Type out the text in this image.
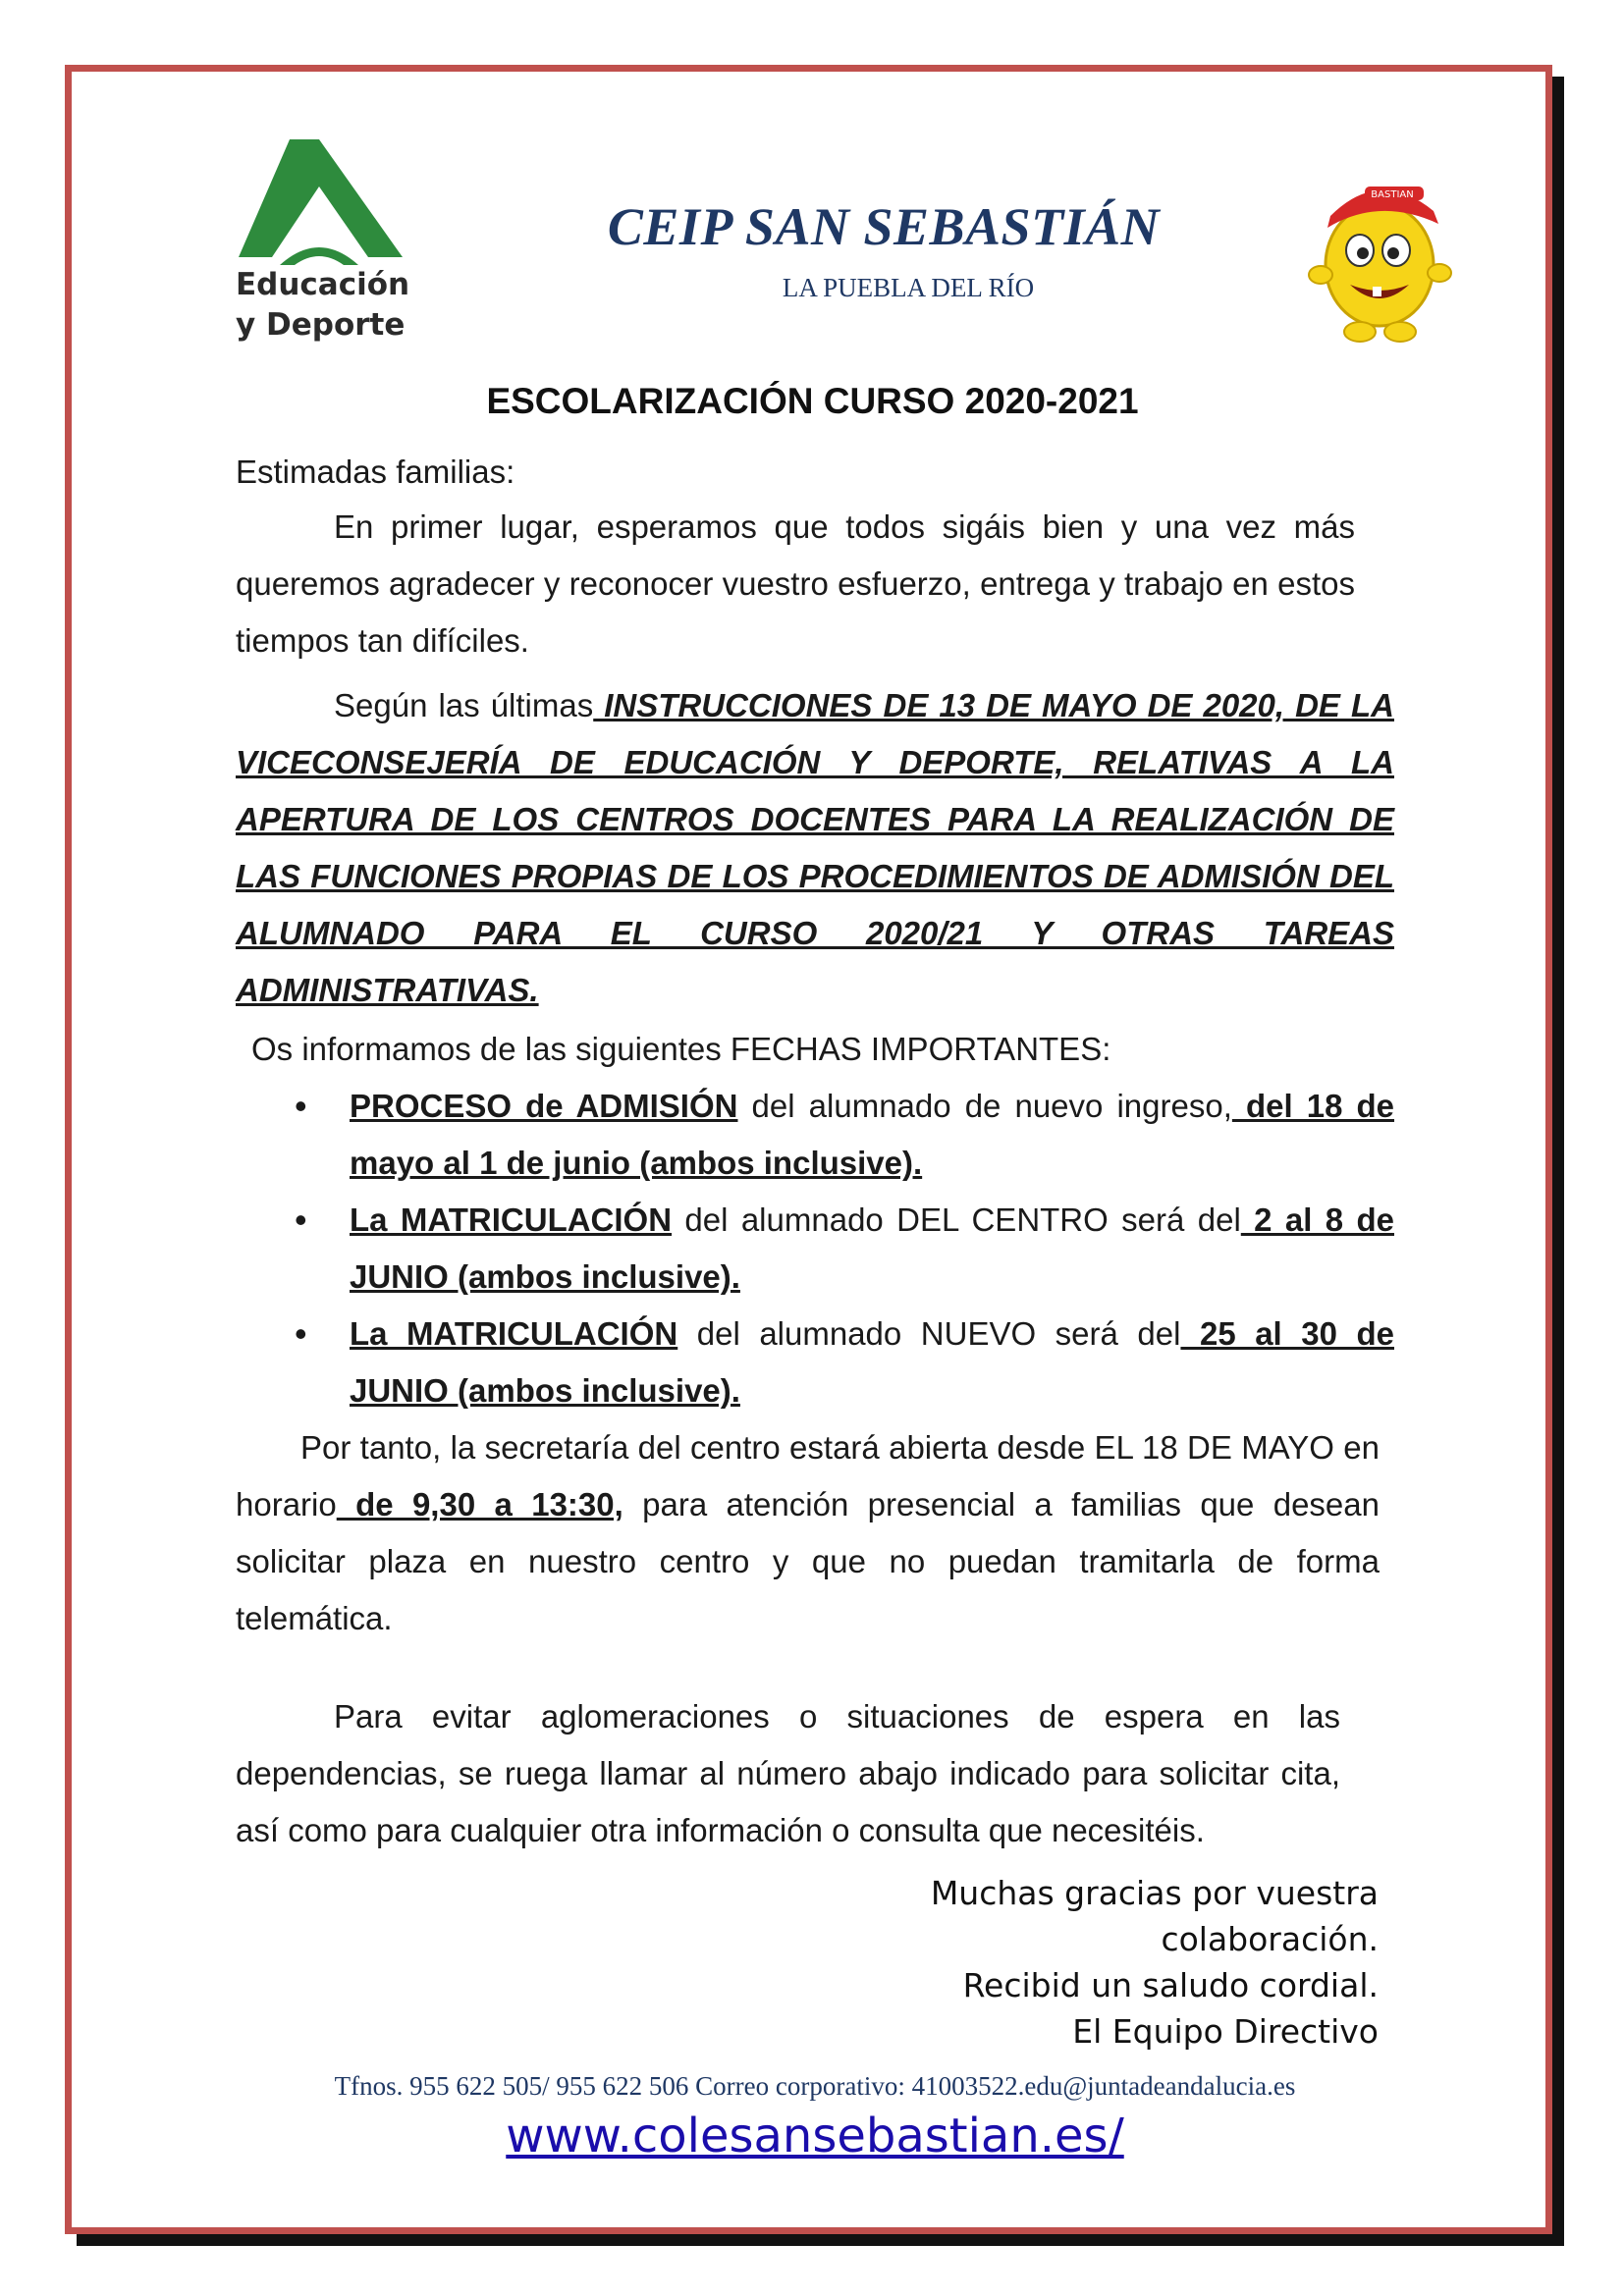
Educación
y Deporte
CEIP SAN SEBASTIÁN
LA PUEBLA DEL RÍO
BASTIAN
ESCOLARIZACIÓN CURSO 2020-2021
Estimadas familias:
En primer lugar, esperamos que todos sigáis bien y una vez más queremos agradecer y reconocer vuestro esfuerzo, entrega y trabajo en estos tiempos tan difíciles.
Según las últimas INSTRUCCIONES DE 13 DE MAYO DE 2020, DE LA VICECONSEJERÍA DE EDUCACIÓN Y DEPORTE, RELATIVAS A LA APERTURA DE LOS CENTROS DOCENTES PARA LA REALIZACIÓN DE LAS FUNCIONES PROPIAS DE LOS PROCEDIMIENTOS DE ADMISIÓN DEL ALUMNADO PARA EL CURSO 2020/21 Y OTRAS TAREAS ADMINISTRATIVAS.
Os informamos de las siguientes FECHAS IMPORTANTES:
• PROCESO de ADMISIÓN del alumnado de nuevo ingreso, del 18 de mayo al 1 de junio (ambos inclusive).
• La MATRICULACIÓN del alumnado DEL CENTRO será del 2 al 8 de JUNIO (ambos inclusive).
• La MATRICULACIÓN del alumnado NUEVO será del 25 al 30 de JUNIO (ambos inclusive).
Por tanto, la secretaría del centro estará abierta desde EL 18 DE MAYO en horario de 9,30 a 13:30, para atención presencial a familias que desean solicitar plaza en nuestro centro y que no puedan tramitarla de forma telemática.
Para evitar aglomeraciones o situaciones de espera en las dependencias, se ruega llamar al número abajo indicado para solicitar cita, así como para cualquier otra información o consulta que necesitéis.
Muchas gracias por vuestra
colaboración.
Recibid un saludo cordial.
El Equipo Directivo
Tfnos. 955 622 505/ 955 622 506 Correo corporativo: 41003522.edu@juntadeandalucia.es
www.colesansebastian.es/
